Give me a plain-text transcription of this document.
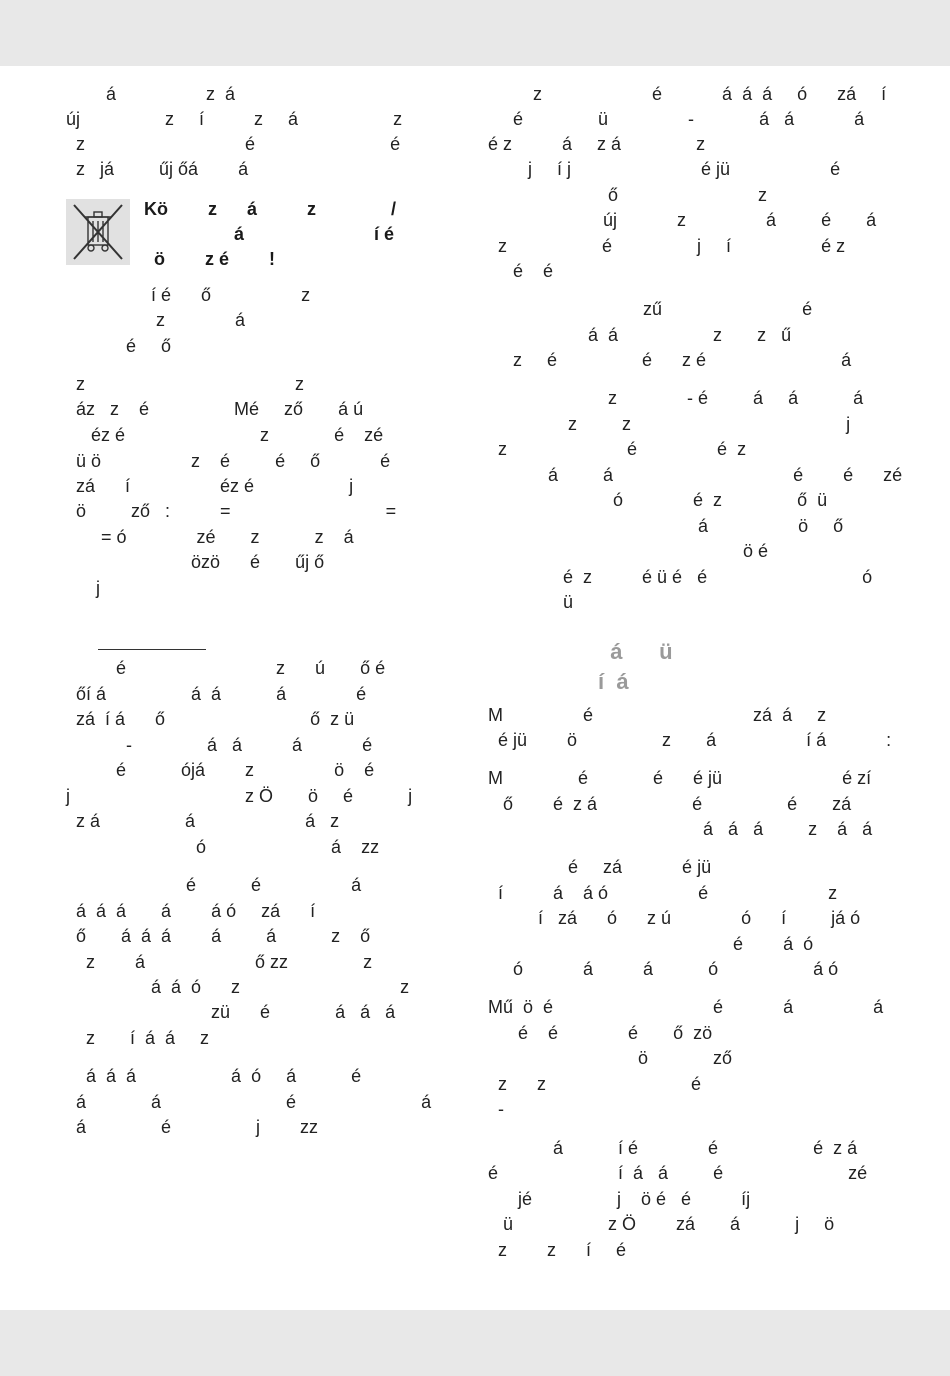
á                  z  á
új                 z     í          z     á                   z
z                                é                           é
z   já         űj őá        á
Kö        z      á          z               /
á                          í é
ö        z é        !
í é      ő                  z
z              á
é     ő
z                                          z
áz   z    é                 Mé     ző       á ú
éz é                           z             é    zé
ü ö                  z    é         é     ő            é
zá      í                  éz é                   j
ö         ző   :          =                               =
= ó              zé       z           z    á
özö      é       űj ő
j
é                              z      ú       ő é
őí á                 á  á           á              é
zá  í á      ő                             ő  z ü
-               á   á          á            é
é           ójá        z                ö    é
j                                   z Ö       ö     é           j
z á                 á                      á   z
ó                         á    zz
é           é                  á
á  á  á       á        á ó     zá      í
ő       á  á  á        á         á           z    ő
z        á                      ő zz               z
á  á  ó      z                                z
zü      é             á   á   á
z       í  á  á     z
á  á  á                   á  ó     á           é
á             á                         é                         á
á               é                 j        zz
z                      é            á  á  á     ó      zá     í
é               ü                -             á   á            á
é z          á     z á               z
j     í j                          é jü                    é
ő                            z
új            z                á         é       á
z                   é                 j     í                  é z
é    é
zű                            é
á  á                   z       z   ű
z     é                 é      z é                           á
z              - é         á     á           á
z         z                                           j
z                        é                é  z
á         á                                    é        é      zé
ó              é  z               ő  ü
á                  ö     ő
ö é
é  z          é ü é   é                               ó
ü
á      ü
í  á
M                é                                zá  á     z
é jü        ö                 z       á                  í á            :
M               é             é      é jü                        é zí
ő        é  z á                   é                 é       zá
á   á   á         z    á   á
é     zá            é jü
í          á    á ó                  é                        z
í   zá      ó      z ú              ó      í         já ó
é        á  ó
ó            á          á           ó                   á ó
Mű  ö  é                                é            á                á
é    é              é       ő  zö
ö             ző
z      z                             é
-
á           í é              é                   é  z á
é                        í  á   á         é                         zé
jé                 j    ö é   é          íj
ü                   z Ö        zá       á           j     ö
z        z      í     é
